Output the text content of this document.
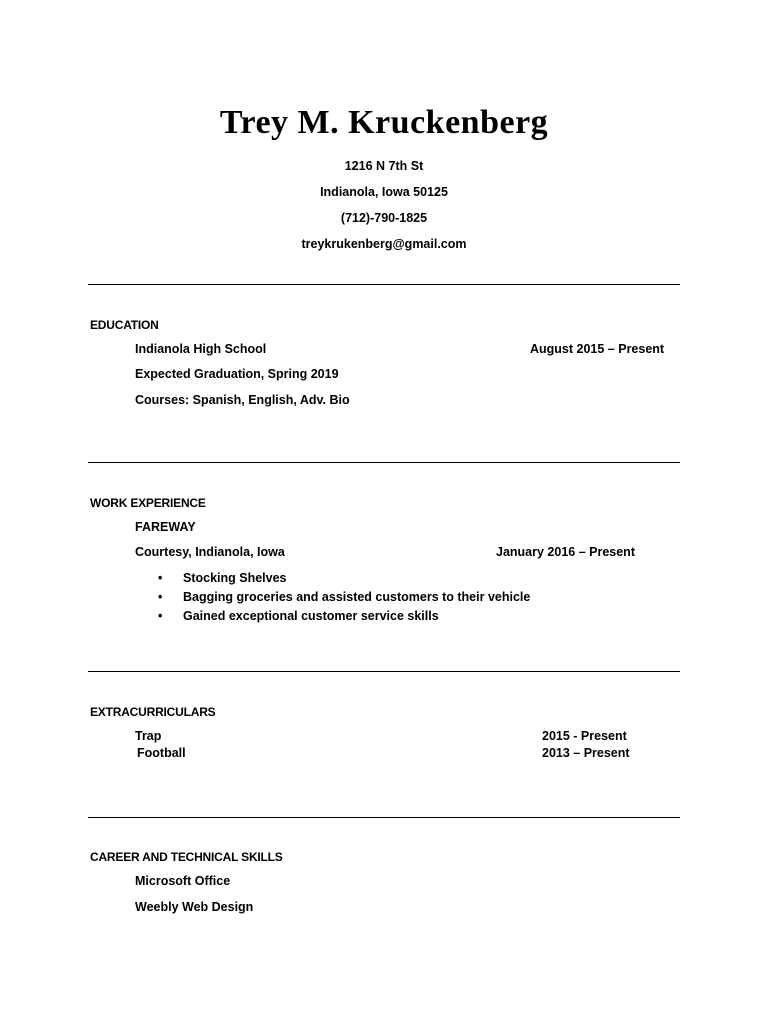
Trey M. Kruckenberg
1216 N 7th St
Indianola, Iowa 50125
(712)-790-1825
treykrukenberg@gmail.com
EDUCATION
Indianola High School	August 2015 – Present
Expected Graduation, Spring 2019
Courses: Spanish, English, Adv. Bio
WORK EXPERIENCE
FAREWAY
Courtesy, Indianola, Iowa	January 2016 – Present
• Stocking Shelves
• Bagging groceries and assisted customers to their vehicle
• Gained exceptional customer service skills
EXTRACURRICULARS
Trap	2015 - Present
Football	2013 – Present
CAREER AND TECHNICAL SKILLS
Microsoft Office
Weebly Web Design
